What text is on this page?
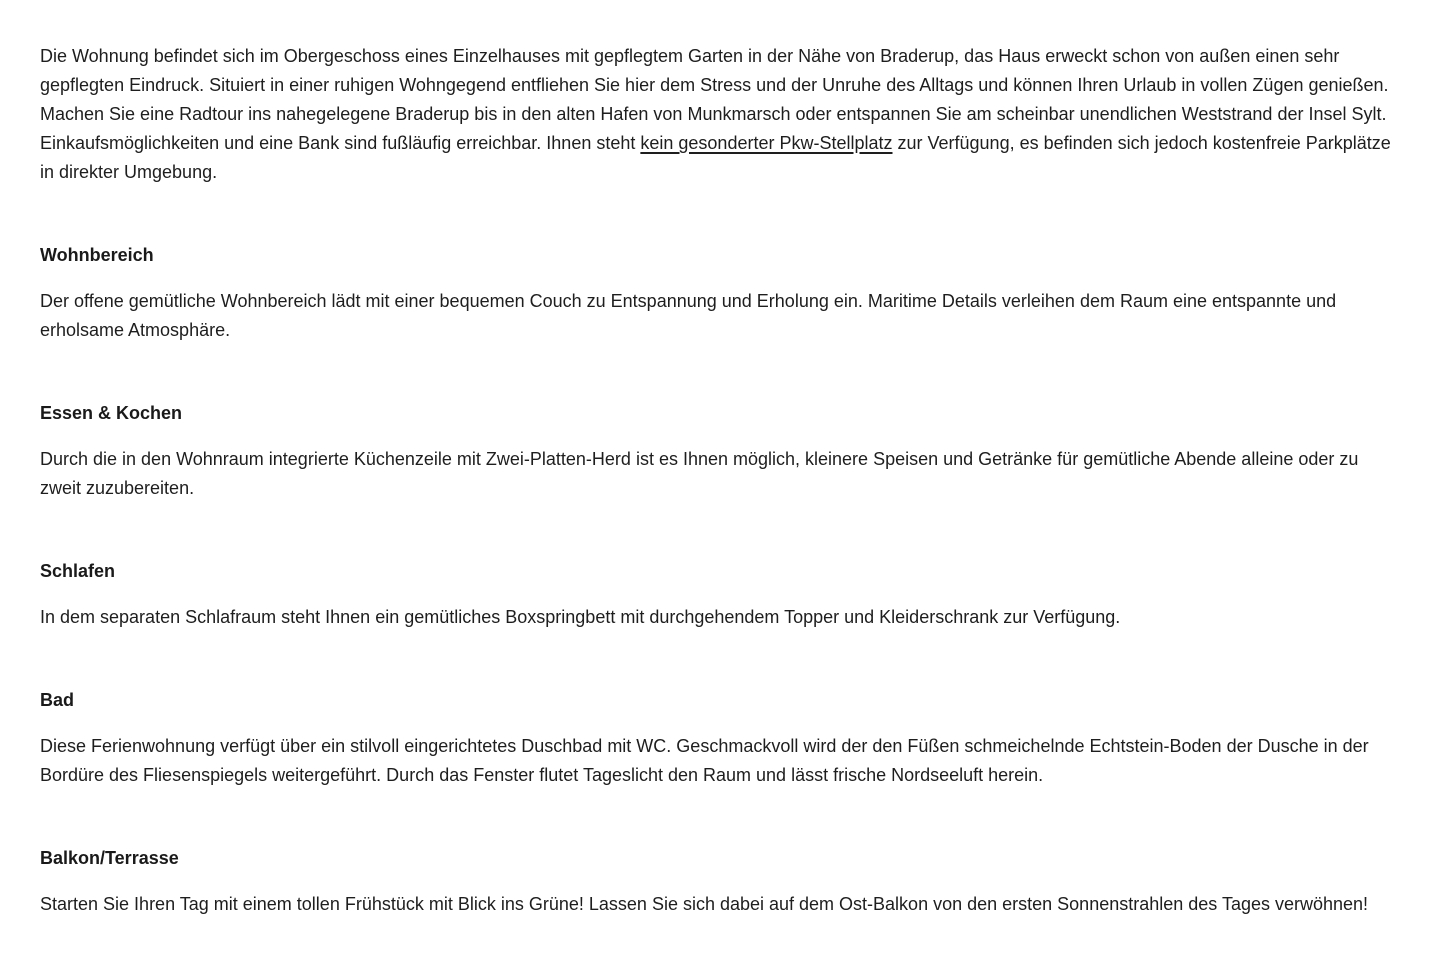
Die Wohnung befindet sich im Obergeschoss eines Einzelhauses mit gepflegtem Garten in der Nähe von Braderup, das Haus erweckt schon von außen einen sehr gepflegten Eindruck. Situiert in einer ruhigen Wohngegend entfliehen Sie hier dem Stress und der Unruhe des Alltags und können Ihren Urlaub in vollen Zügen genießen. Machen Sie eine Radtour ins nahegelegene Braderup bis in den alten Hafen von Munkmarsch oder entspannen Sie am scheinbar unendlichen Weststrand der Insel Sylt. Einkaufsmöglichkeiten und eine Bank sind fußläufig erreichbar. Ihnen steht kein gesonderter Pkw-Stellplatz zur Verfügung, es befinden sich jedoch kostenfreie Parkplätze in direkter Umgebung.

Wohnbereich

Der offene gemütliche Wohnbereich lädt mit einer bequemen Couch zu Entspannung und Erholung ein. Maritime Details verleihen dem Raum eine entspannte und erholsame Atmosphäre.

Essen & Kochen

Durch die in den Wohnraum integrierte Küchenzeile mit Zwei-Platten-Herd ist es Ihnen möglich, kleinere Speisen und Getränke für gemütliche Abende alleine oder zu zweit zuzubereiten.

Schlafen

In dem separaten Schlafraum steht Ihnen ein gemütliches Boxspringbett mit durchgehendem Topper und Kleiderschrank zur Verfügung.

Bad

Diese Ferienwohnung verfügt über ein stilvoll eingerichtetes Duschbad mit WC. Geschmackvoll wird der den Füßen schmeichelnde Echtstein-Boden der Dusche in der Bordüre des Fliesenspiegels weitergeführt. Durch das Fenster flutet Tageslicht den Raum und lässt frische Nordseeluft herein.

Balkon/Terrasse

Starten Sie Ihren Tag mit einem tollen Frühstück mit Blick ins Grüne! Lassen Sie sich dabei auf dem Ost-Balkon von den ersten Sonnenstrahlen des Tages verwöhnen!
